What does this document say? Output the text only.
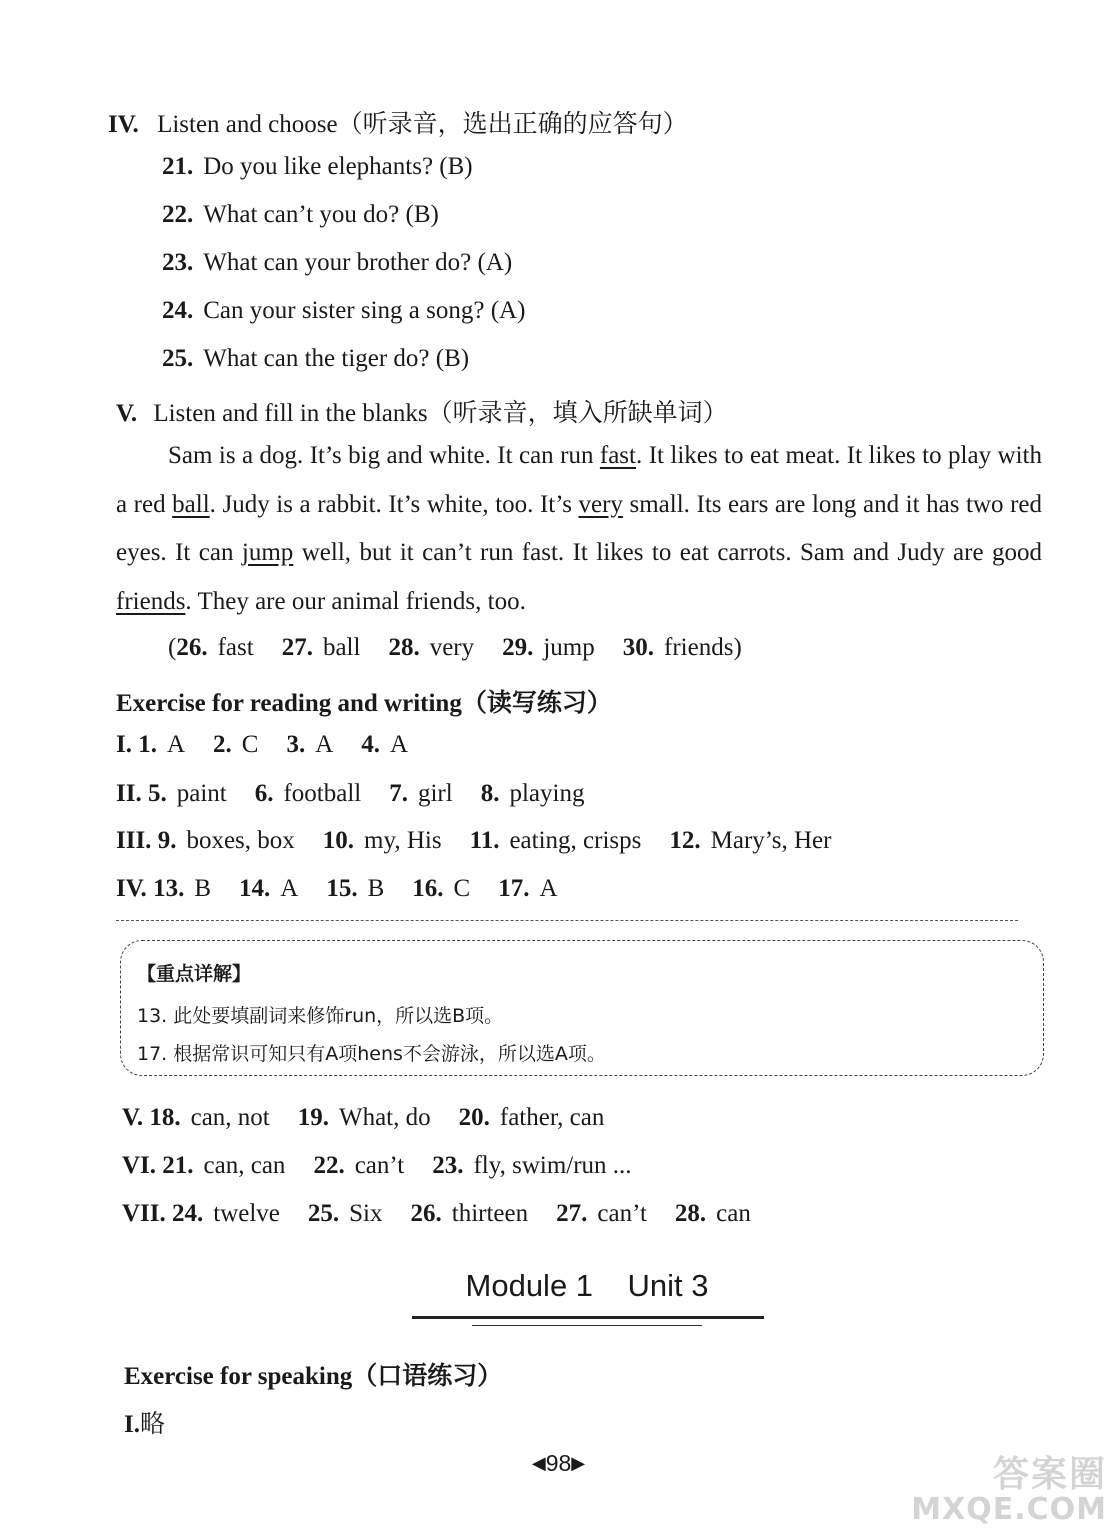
IV. Listen and choose（听录音，选出正确的应答句）
21. Do you like elephants? (B)
22. What can’t you do? (B)
23. What can your brother do? (A)
24. Can your sister sing a song? (A)
25. What can the tiger do? (B)
V. Listen and fill in the blanks（听录音，填入所缺单词）
Sam is a dog. It’s big and white. It can run fast. It likes to eat meat. It likes to play with a red ball. Judy is a rabbit. It’s white, too. It’s very small. Its ears are long and it has two red eyes. It can jump well, but it can’t run fast. It likes to eat carrots. Sam and Judy are good friends. They are our animal friends, too.
(26. fast 27. ball 28. very 29. jump 30. friends)
Exercise for reading and writing（读写练习）
I. 1. A 2. C 3. A 4. A
II. 5. paint 6. football 7. girl 8. playing
III. 9. boxes, box 10. my, His 11. eating, crisps 12. Mary’s, Her
IV. 13. B 14. A 15. B 16. C 17. A
【重点详解】
13. 此处要填副词来修饰run，所以选B项。
17. 根据常识可知只有A项hens不会游泳，所以选A项。
V. 18. can, not 19. What, do 20. father, can
VI. 21. can, can 22. can’t 23. fly, swim/run ...
VII. 24. twelve 25. Six 26. thirteen 27. can’t 28. can
Module 1    Unit 3
Exercise for speaking（口语练习）
I.略
◀98▶	答案圈
MXQE.COM
